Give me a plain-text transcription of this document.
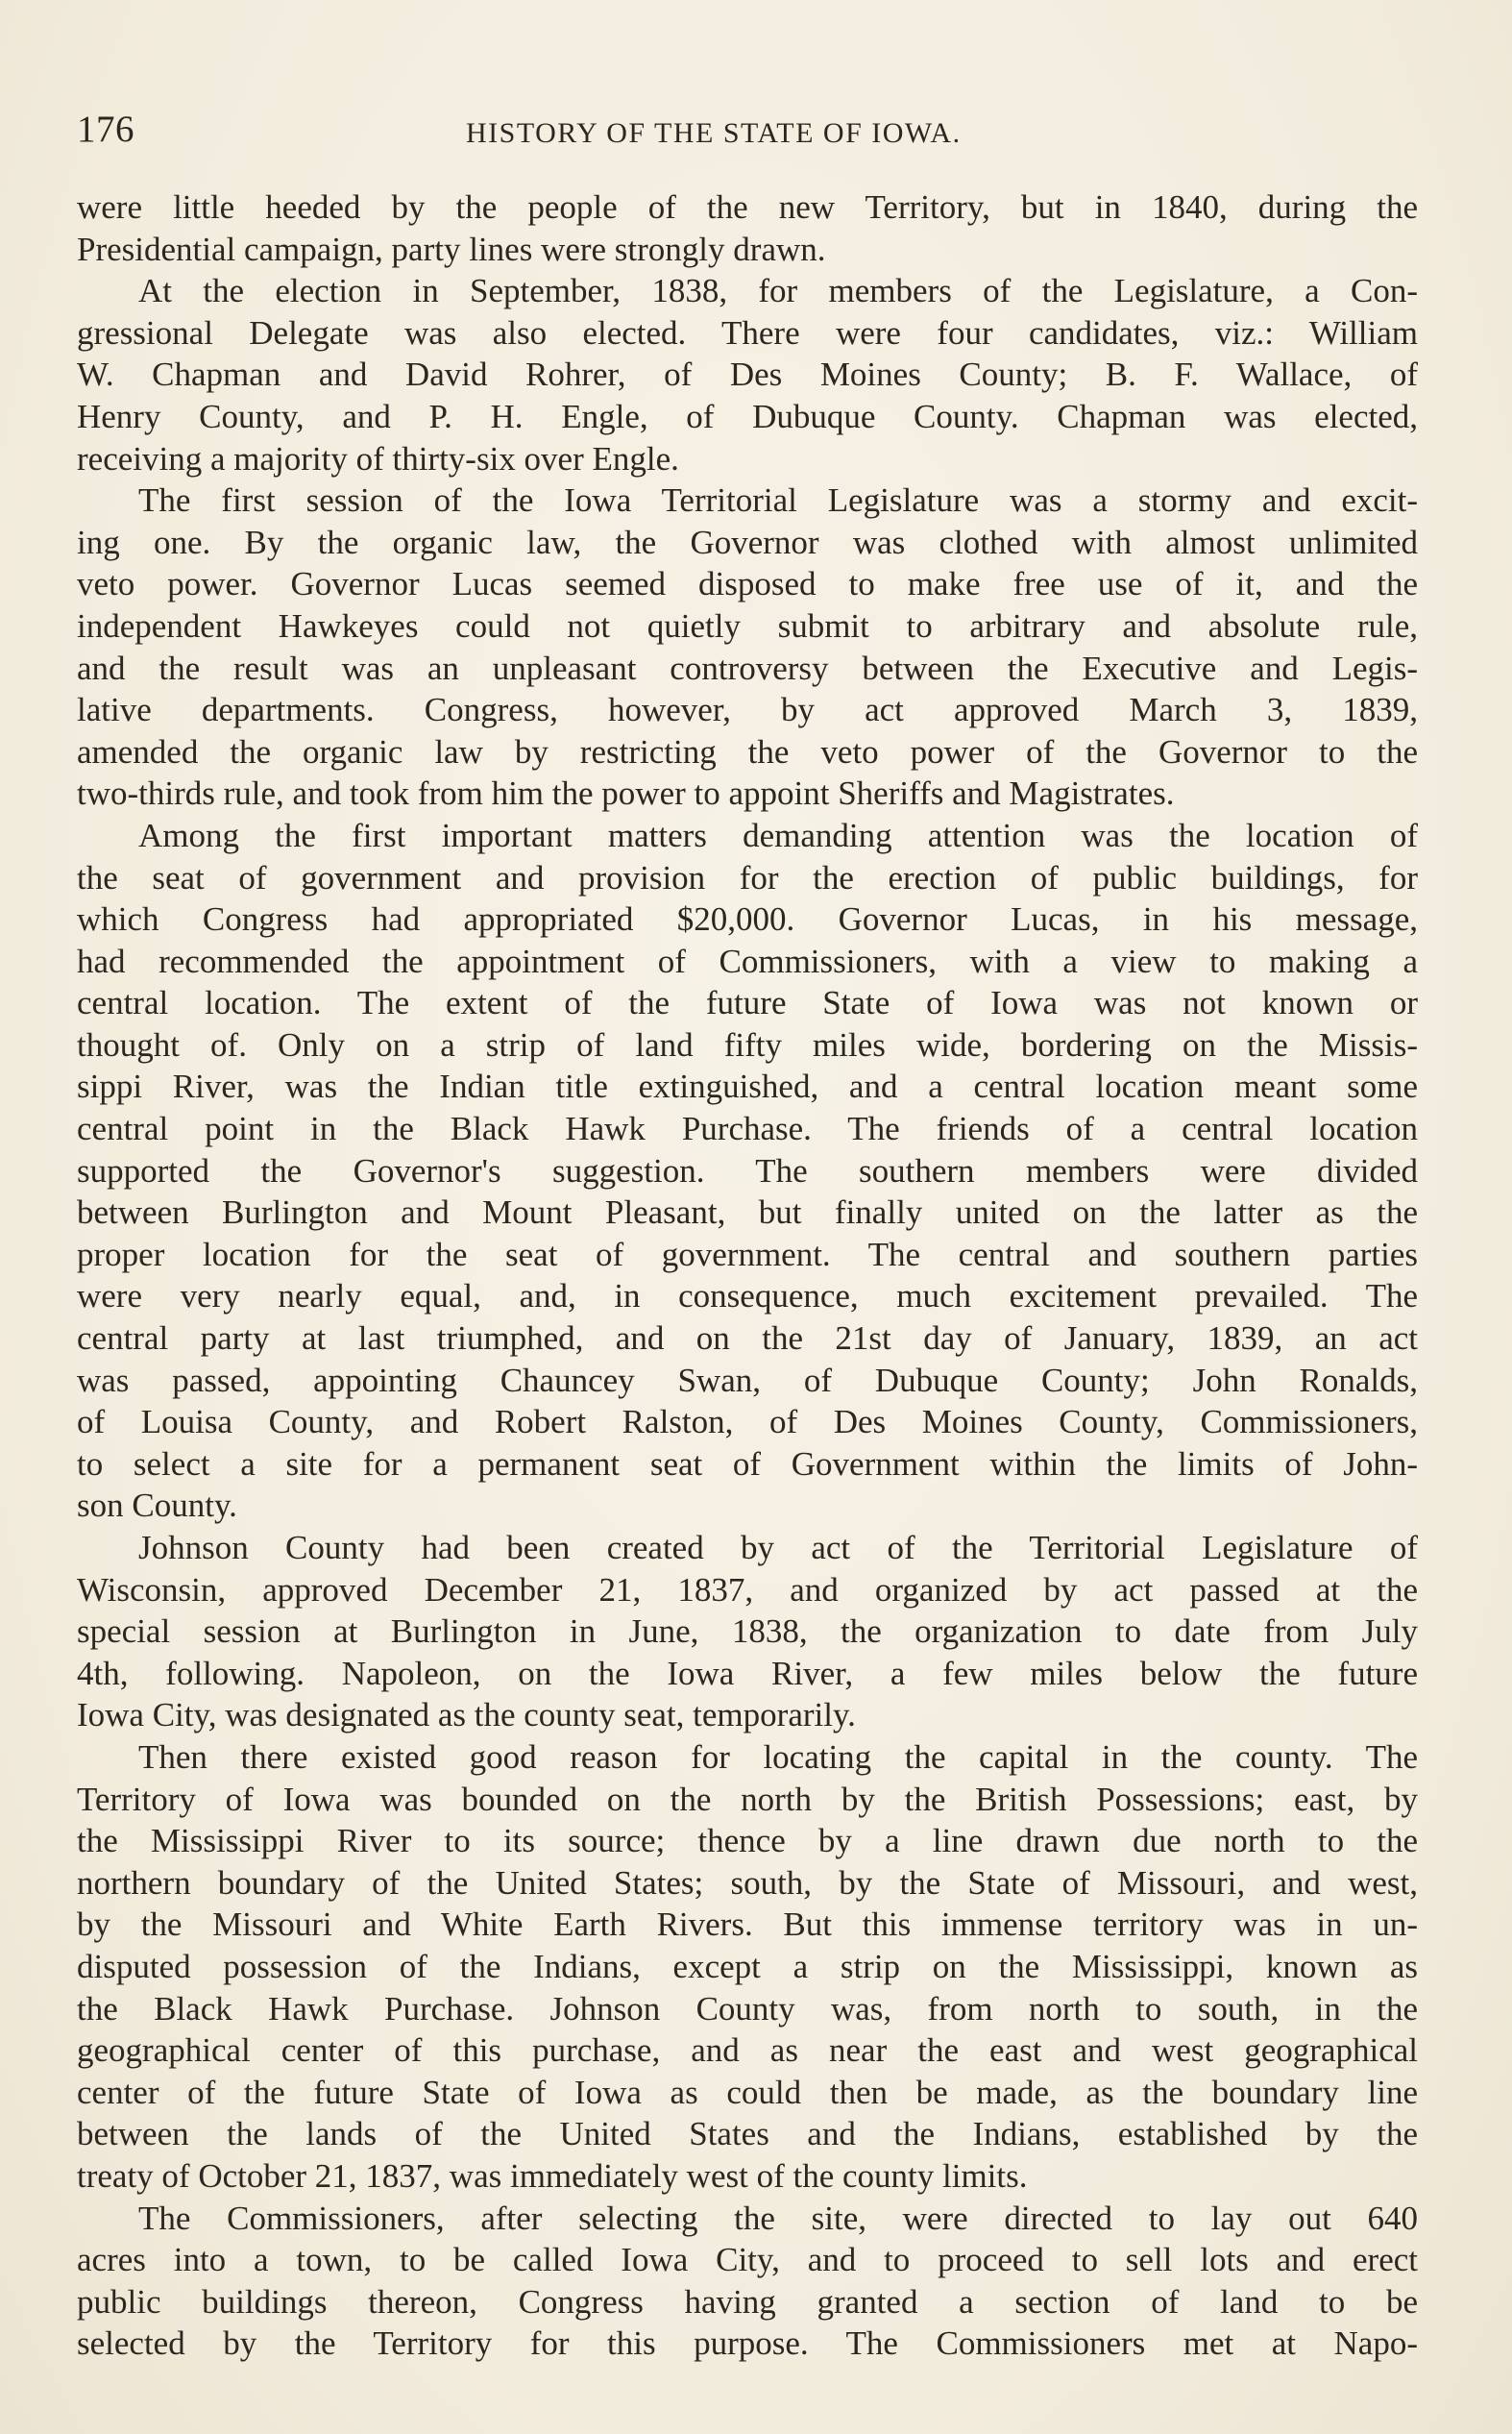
176	HISTORY OF THE STATE OF IOWA.
were little heeded by the people of the new Territory, but in 1840, during the
Presidential campaign, party lines were strongly drawn.
At the election in September, 1838, for members of the Legislature, a Con-
gressional Delegate was also elected. There were four candidates, viz.: William
W. Chapman and David Rohrer, of Des Moines County; B. F. Wallace, of
Henry County, and P. H. Engle, of Dubuque County. Chapman was elected,
receiving a majority of thirty-six over Engle.
The first session of the Iowa Territorial Legislature was a stormy and excit-
ing one. By the organic law, the Governor was clothed with almost unlimited
veto power. Governor Lucas seemed disposed to make free use of it, and the
independent Hawkeyes could not quietly submit to arbitrary and absolute rule,
and the result was an unpleasant controversy between the Executive and Legis-
lative departments. Congress, however, by act approved March 3, 1839,
amended the organic law by restricting the veto power of the Governor to the
two-thirds rule, and took from him the power to appoint Sheriffs and Magistrates.
Among the first important matters demanding attention was the location of
the seat of government and provision for the erection of public buildings, for
which Congress had appropriated $20,000. Governor Lucas, in his message,
had recommended the appointment of Commissioners, with a view to making a
central location. The extent of the future State of Iowa was not known or
thought of. Only on a strip of land fifty miles wide, bordering on the Missis-
sippi River, was the Indian title extinguished, and a central location meant some
central point in the Black Hawk Purchase. The friends of a central location
supported the Governor's suggestion. The southern members were divided
between Burlington and Mount Pleasant, but finally united on the latter as the
proper location for the seat of government. The central and southern parties
were very nearly equal, and, in consequence, much excitement prevailed. The
central party at last triumphed, and on the 21st day of January, 1839, an act
was passed, appointing Chauncey Swan, of Dubuque County; John Ronalds,
of Louisa County, and Robert Ralston, of Des Moines County, Commissioners,
to select a site for a permanent seat of Government within the limits of John-
son County.
Johnson County had been created by act of the Territorial Legislature of
Wisconsin, approved December 21, 1837, and organized by act passed at the
special session at Burlington in June, 1838, the organization to date from July
4th, following. Napoleon, on the Iowa River, a few miles below the future
Iowa City, was designated as the county seat, temporarily.
Then there existed good reason for locating the capital in the county. The
Territory of Iowa was bounded on the north by the British Possessions; east, by
the Mississippi River to its source; thence by a line drawn due north to the
northern boundary of the United States; south, by the State of Missouri, and west,
by the Missouri and White Earth Rivers. But this immense territory was in un-
disputed possession of the Indians, except a strip on the Mississippi, known as
the Black Hawk Purchase. Johnson County was, from north to south, in the
geographical center of this purchase, and as near the east and west geographical
center of the future State of Iowa as could then be made, as the boundary line
between the lands of the United States and the Indians, established by the
treaty of October 21, 1837, was immediately west of the county limits.
The Commissioners, after selecting the site, were directed to lay out 640
acres into a town, to be called Iowa City, and to proceed to sell lots and erect
public buildings thereon, Congress having granted a section of land to be
selected by the Territory for this purpose. The Commissioners met at Napo-
